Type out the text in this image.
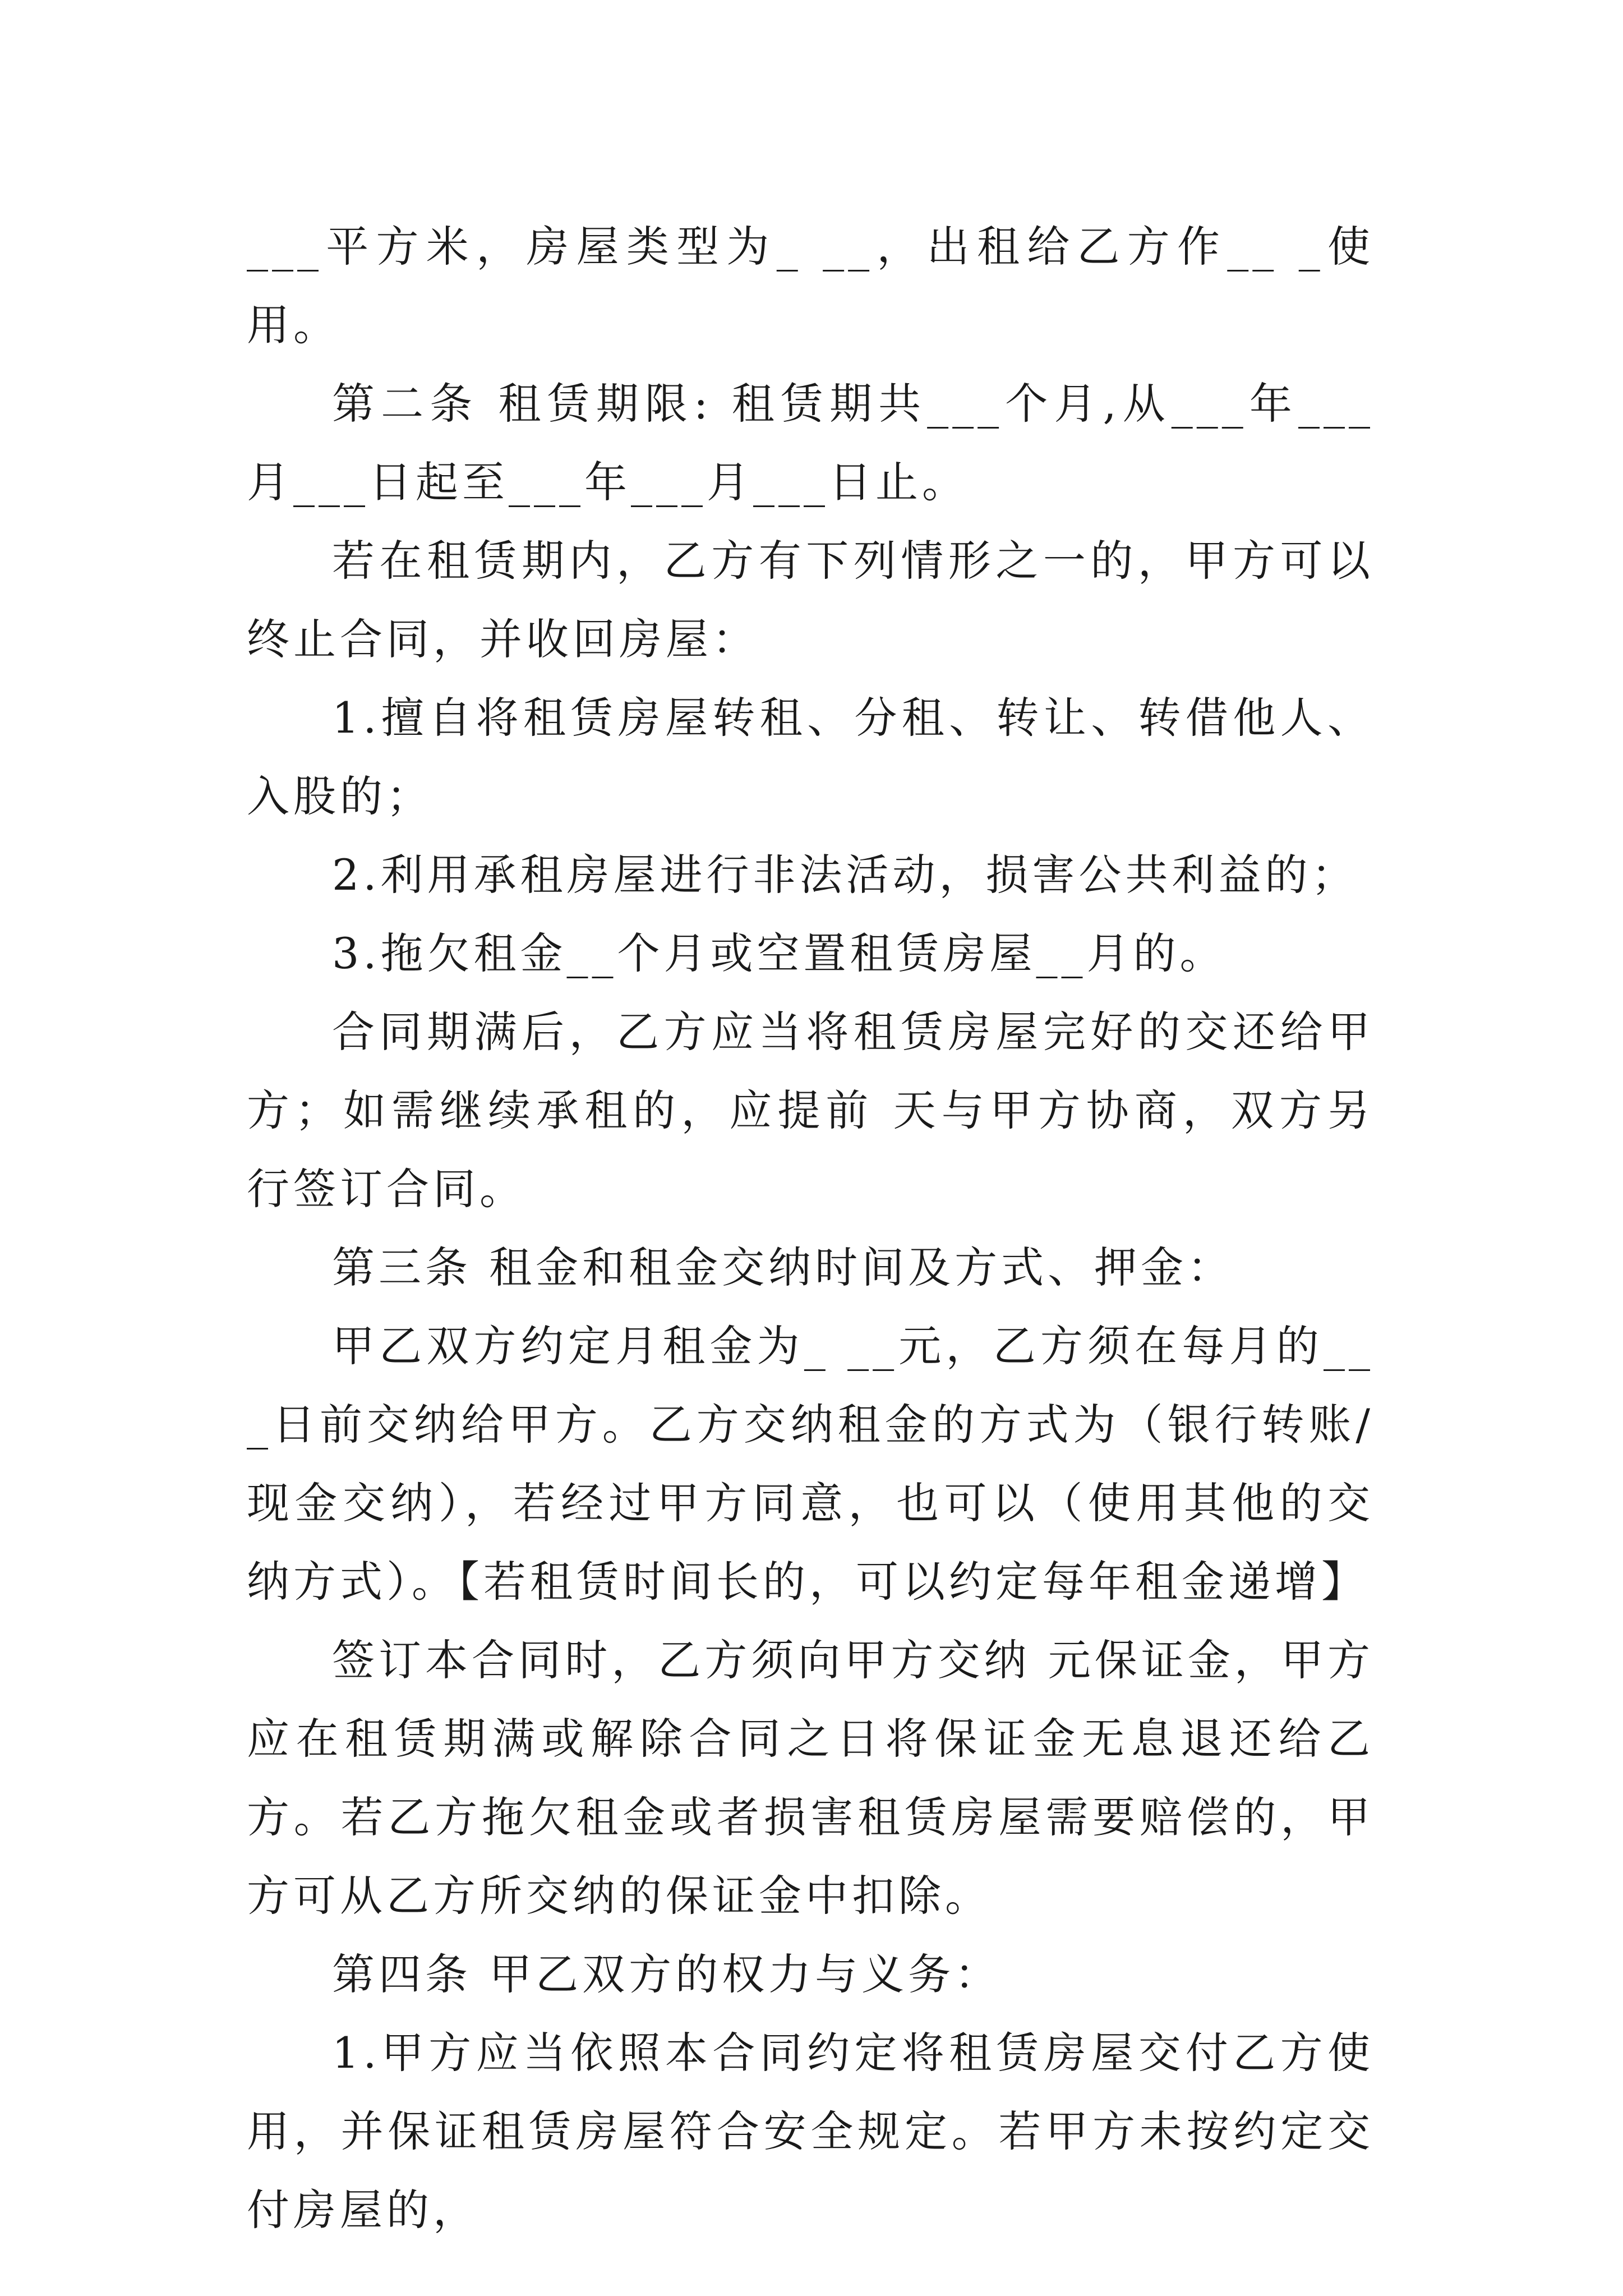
___平方米，房屋类型为_ __，出租给乙方作__ _使用。

第二条 租赁期限: 租赁期共___个月,从___年___月___日起至___年___月___日止。

若在租赁期内，乙方有下列情形之一的，甲方可以终止合同，并收回房屋：

1.擅自将租赁房屋转租、分租、转让、转借他人、入股的；

2.利用承租房屋进行非法活动，损害公共利益的；

3.拖欠租金__个月或空置租赁房屋__月的。

合同期满后，乙方应当将租赁房屋完好的交还给甲方；如需继续承租的，应提前 天与甲方协商，双方另行签订合同。

第三条 租金和租金交纳时间及方式、押金：

甲乙双方约定月租金为_ __元，乙方须在每月的___日前交纳给甲方。乙方交纳租金的方式为（银行转账/现金交纳），若经过甲方同意，也可以（使用其他的交纳方式）。【若租赁时间长的，可以约定每年租金递增】

签订本合同时，乙方须向甲方交纳 元保证金，甲方应在租赁期满或解除合同之日将保证金无息退还给乙方。若乙方拖欠租金或者损害租赁房屋需要赔偿的，甲方可从乙方所交纳的保证金中扣除。

第四条 甲乙双方的权力与义务：

1.甲方应当依照本合同约定将租赁房屋交付乙方使用，并保证租赁房屋符合安全规定。若甲方未按约定交付房屋的，
